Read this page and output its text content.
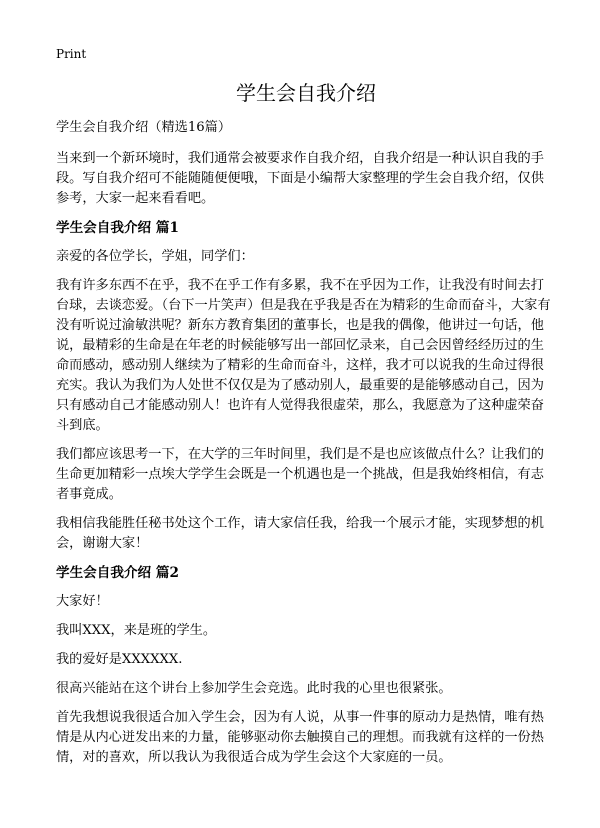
Print
学生会自我介绍

学生会自我介绍（精选16篇）

当来到一个新环境时，我们通常会被要求作自我介绍，自我介绍是一种认识自我的手段。写自我介绍可不能随随便便哦，下面是小编帮大家整理的学生会自我介绍，仅供参考，大家一起来看看吧。

学生会自我介绍 篇1

亲爱的各位学长，学姐，同学们：

我有许多东西不在乎，我不在乎工作有多累，我不在乎因为工作，让我没有时间去打台球，去谈恋爱。（台下一片笑声）但是我在乎我是否在为精彩的生命而奋斗，大家有没有听说过渝敏洪呢？新东方教育集团的董事长，也是我的偶像，他讲过一句话，他说，最精彩的生命是在年老的时候能够写出一部回忆录来，自己会因曾经经历过的生命而感动，感动别人继续为了精彩的生命而奋斗，这样，我才可以说我的生命过得很充实。我认为我们为人处世不仅仅是为了感动别人，最重要的是能够感动自己，因为只有感动自己才能感动别人！也许有人觉得我很虚荣，那么，我愿意为了这种虚荣奋斗到底。

我们都应该思考一下，在大学的三年时间里，我们是不是也应该做点什么？让我们的生命更加精彩一点埃大学学生会既是一个机遇也是一个挑战，但是我始终相信，有志者事竟成。

我相信我能胜任秘书处这个工作，请大家信任我，给我一个展示才能，实现梦想的机会，谢谢大家！

学生会自我介绍 篇2

大家好！

我叫XXX，来是班的学生。

我的爱好是XXXXXX.

很高兴能站在这个讲台上参加学生会竞选。此时我的心里也很紧张。

首先我想说我很适合加入学生会，因为有人说，从事一件事的原动力是热情，唯有热情是从内心迸发出来的力量，能够驱动你去触摸自己的理想。而我就有这样的一份热情，对的喜欢，所以我认为我很适合成为学生会这个大家庭的一员。
